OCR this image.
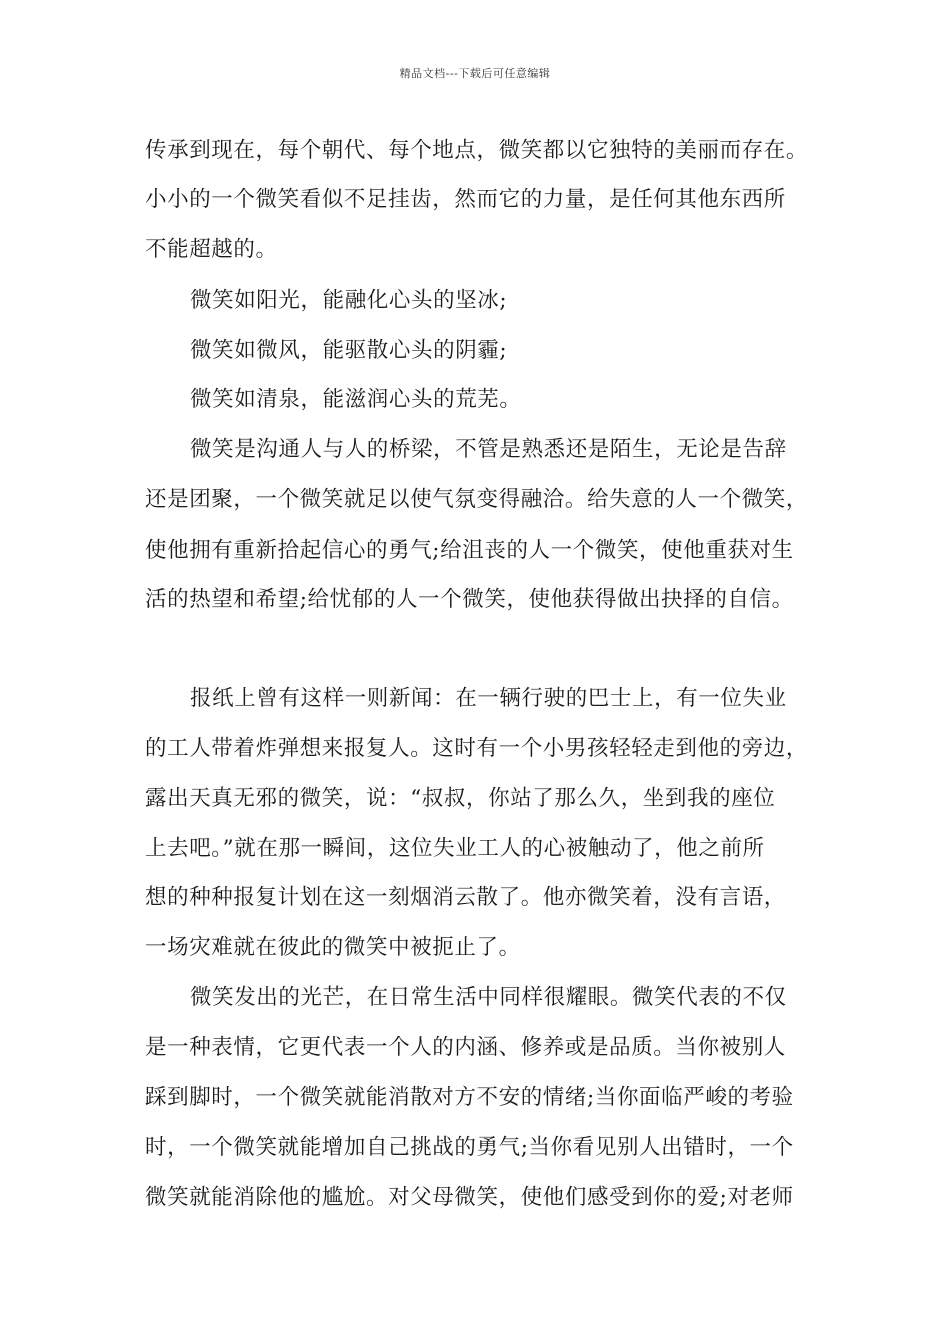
精品文档---下载后可任意编辑
传承到现在，每个朝代、每个地点，微笑都以它独特的美丽而存在。
小小的一个微笑看似不足挂齿，然而它的力量，是任何其他东西所
不能超越的。
微笑如阳光，能融化心头的坚冰;
微笑如微风，能驱散心头的阴霾;
微笑如清泉，能滋润心头的荒芜。
微笑是沟通人与人的桥梁，不管是熟悉还是陌生，无论是告辞
还是团聚，一个微笑就足以使气氛变得融洽。给失意的人一个微笑，
使他拥有重新拾起信心的勇气;给沮丧的人一个微笑，使他重获对生
活的热望和希望;给忧郁的人一个微笑，使他获得做出抉择的自信。
报纸上曾有这样一则新闻：在一辆行驶的巴士上，有一位失业
的工人带着炸弹想来报复人。这时有一个小男孩轻轻走到他的旁边，
露出天真无邪的微笑，说：“叔叔，你站了那么久，坐到我的座位
上去吧。”就在那一瞬间，这位失业工人的心被触动了，他之前所
想的种种报复计划在这一刻烟消云散了。他亦微笑着，没有言语，
一场灾难就在彼此的微笑中被扼止了。
微笑发出的光芒，在日常生活中同样很耀眼。微笑代表的不仅
是一种表情，它更代表一个人的内涵、修养或是品质。当你被别人
踩到脚时，一个微笑就能消散对方不安的情绪;当你面临严峻的考验
时，一个微笑就能增加自己挑战的勇气;当你看见别人出错时，一个
微笑就能消除他的尴尬。对父母微笑，使他们感受到你的爱;对老师
